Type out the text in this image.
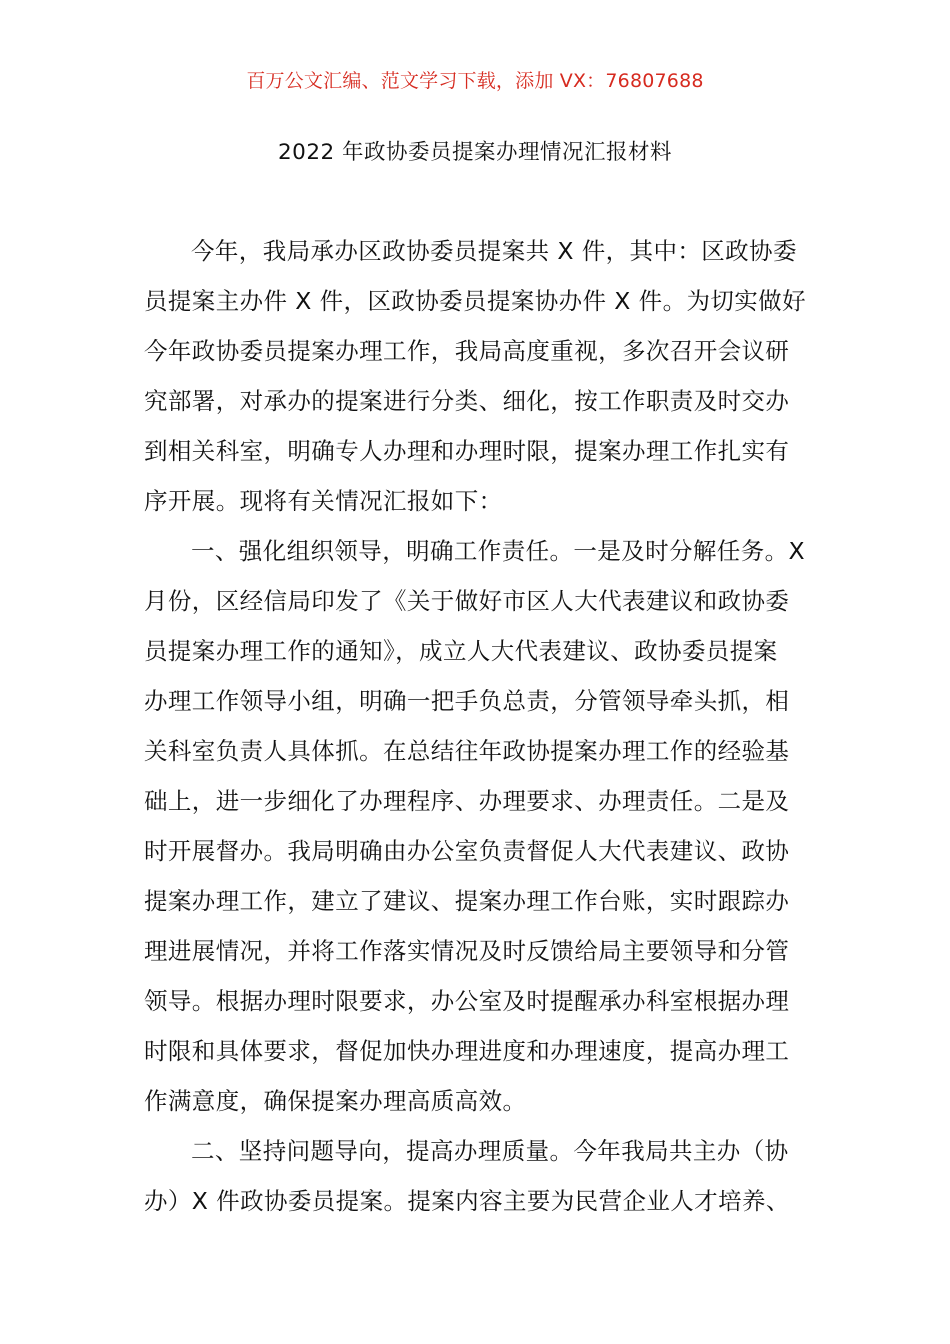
百万公文汇编、范文学习下载，添加 VX：76807688
2022 年政协委员提案办理情况汇报材料
今年，我局承办区政协委员提案共 X 件，其中：区政协委
员提案主办件 X 件，区政协委员提案协办件 X 件。为切实做好
今年政协委员提案办理工作，我局高度重视，多次召开会议研
究部署，对承办的提案进行分类、细化，按工作职责及时交办
到相关科室，明确专人办理和办理时限，提案办理工作扎实有
序开展。现将有关情况汇报如下：
一、强化组织领导，明确工作责任。一是及时分解任务。X
月份，区经信局印发了《关于做好市区人大代表建议和政协委
员提案办理工作的通知》，成立人大代表建议、政协委员提案
办理工作领导小组，明确一把手负总责，分管领导牵头抓，相
关科室负责人具体抓。在总结往年政协提案办理工作的经验基
础上，进一步细化了办理程序、办理要求、办理责任。二是及
时开展督办。我局明确由办公室负责督促人大代表建议、政协
提案办理工作，建立了建议、提案办理工作台账，实时跟踪办
理进展情况，并将工作落实情况及时反馈给局主要领导和分管
领导。根据办理时限要求，办公室及时提醒承办科室根据办理
时限和具体要求，督促加快办理进度和办理速度，提高办理工
作满意度，确保提案办理高质高效。
二、坚持问题导向，提高办理质量。今年我局共主办（协
办）X 件政协委员提案。提案内容主要为民营企业人才培养、
